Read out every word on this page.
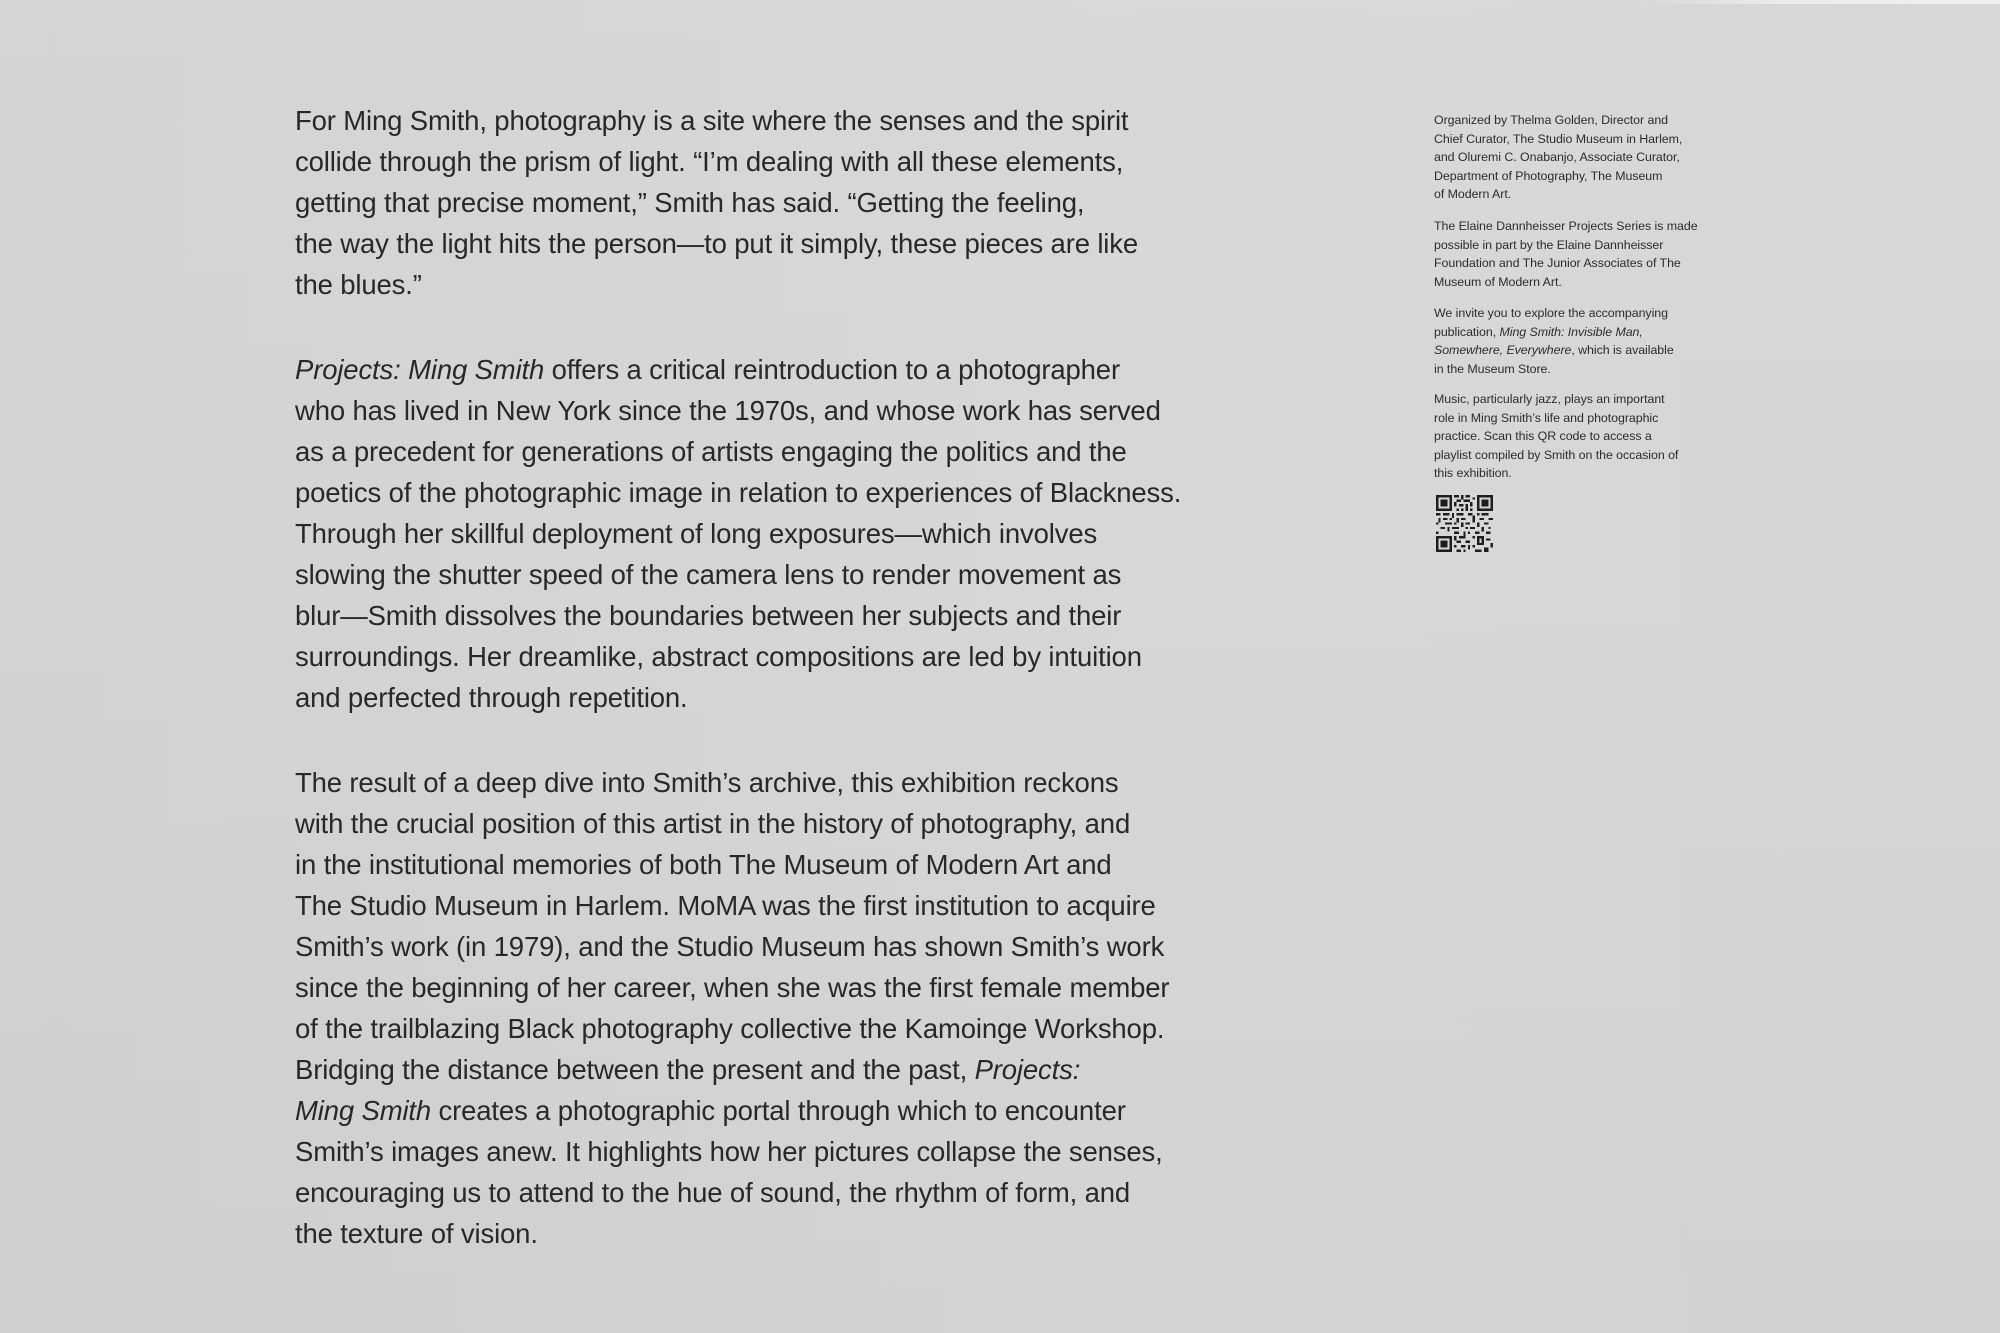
For Ming Smith, photography is a site where the senses and the spirit
collide through the prism of light. “I’m dealing with all these elements,
getting that precise moment,” Smith has said. “Getting the feeling,
the way the light hits the person—to put it simply, these pieces are like
the blues.”
Projects: Ming Smith offers a critical reintroduction to a photographer
who has lived in New York since the 1970s, and whose work has served
as a precedent for generations of artists engaging the politics and the
poetics of the photographic image in relation to experiences of Blackness.
Through her skillful deployment of long exposures—which involves
slowing the shutter speed of the camera lens to render movement as
blur—Smith dissolves the boundaries between her subjects and their
surroundings. Her dreamlike, abstract compositions are led by intuition
and perfected through repetition.
The result of a deep dive into Smith’s archive, this exhibition reckons
with the crucial position of this artist in the history of photography, and
in the institutional memories of both The Museum of Modern Art and
The Studio Museum in Harlem. MoMA was the first institution to acquire
Smith’s work (in 1979), and the Studio Museum has shown Smith’s work
since the beginning of her career, when she was the first female member
of the trailblazing Black photography collective the Kamoinge Workshop.
Bridging the distance between the present and the past, Projects:
Ming Smith creates a photographic portal through which to encounter
Smith’s images anew. It highlights how her pictures collapse the senses,
encouraging us to attend to the hue of sound, the rhythm of form, and
the texture of vision.
Organized by Thelma Golden, Director and
Chief Curator, The Studio Museum in Harlem,
and Oluremi C. Onabanjo, Associate Curator,
Department of Photography, The Museum
of Modern Art.
The Elaine Dannheisser Projects Series is made
possible in part by the Elaine Dannheisser
Foundation and The Junior Associates of The
Museum of Modern Art.
We invite you to explore the accompanying
publication, Ming Smith: Invisible Man,
Somewhere, Everywhere, which is available
in the Museum Store.
Music, particularly jazz, plays an important
role in Ming Smith’s life and photographic
practice. Scan this QR code to access a
playlist compiled by Smith on the occasion of
this exhibition.
